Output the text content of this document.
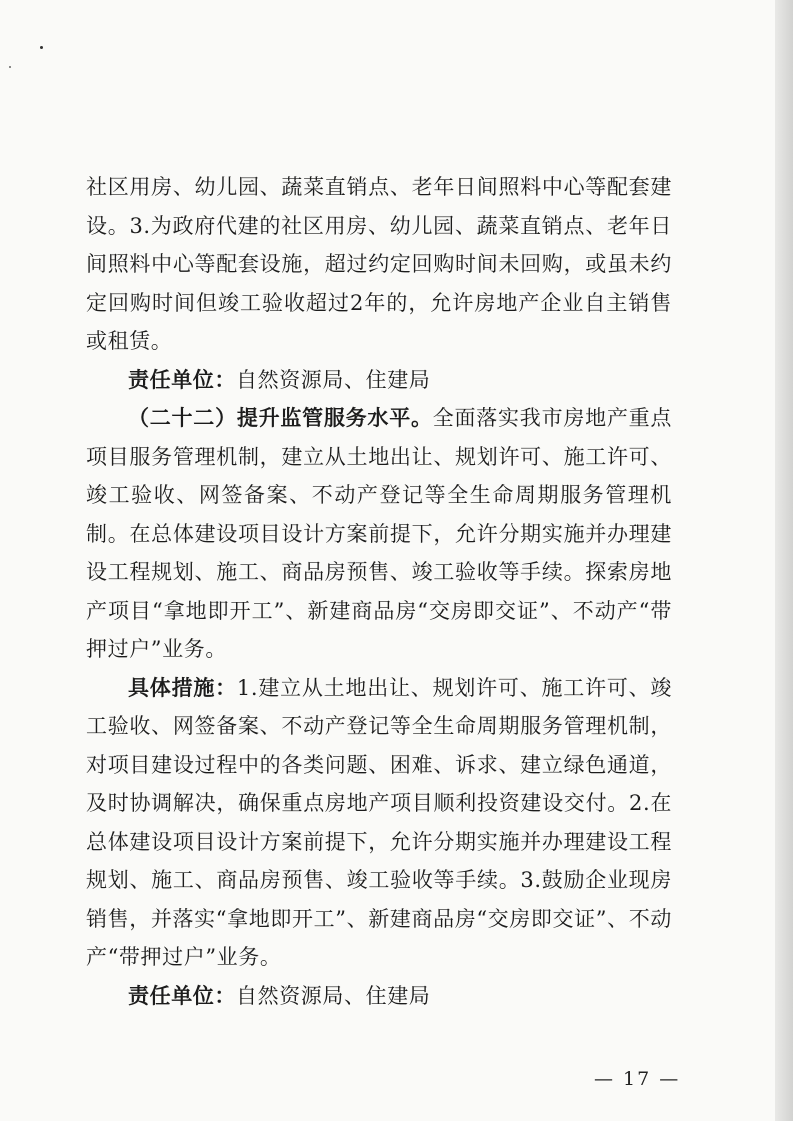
社区用房、幼儿园、蔬菜直销点、老年日间照料中心等配套建设。3.为政府代建的社区用房、幼儿园、蔬菜直销点、老年日间照料中心等配套设施，超过约定回购时间未回购，或虽未约定回购时间但竣工验收超过2年的，允许房地产企业自主销售或租赁。

责任单位：自然资源局、住建局

（二十二）提升监管服务水平。全面落实我市房地产重点项目服务管理机制，建立从土地出让、规划许可、施工许可、竣工验收、网签备案、不动产登记等全生命周期服务管理机制。在总体建设项目设计方案前提下，允许分期实施并办理建设工程规划、施工、商品房预售、竣工验收等手续。探索房地产项目“拿地即开工”、新建商品房“交房即交证”、不动产“带押过户”业务。

具体措施：1.建立从土地出让、规划许可、施工许可、竣工验收、网签备案、不动产登记等全生命周期服务管理机制，对项目建设过程中的各类问题、困难、诉求、建立绿色通道，及时协调解决，确保重点房地产项目顺利投资建设交付。2.在总体建设项目设计方案前提下，允许分期实施并办理建设工程规划、施工、商品房预售、竣工验收等手续。3.鼓励企业现房销售，并落实“拿地即开工”、新建商品房“交房即交证”、不动产“带押过户”业务。

责任单位：自然资源局、住建局

— 17 —
